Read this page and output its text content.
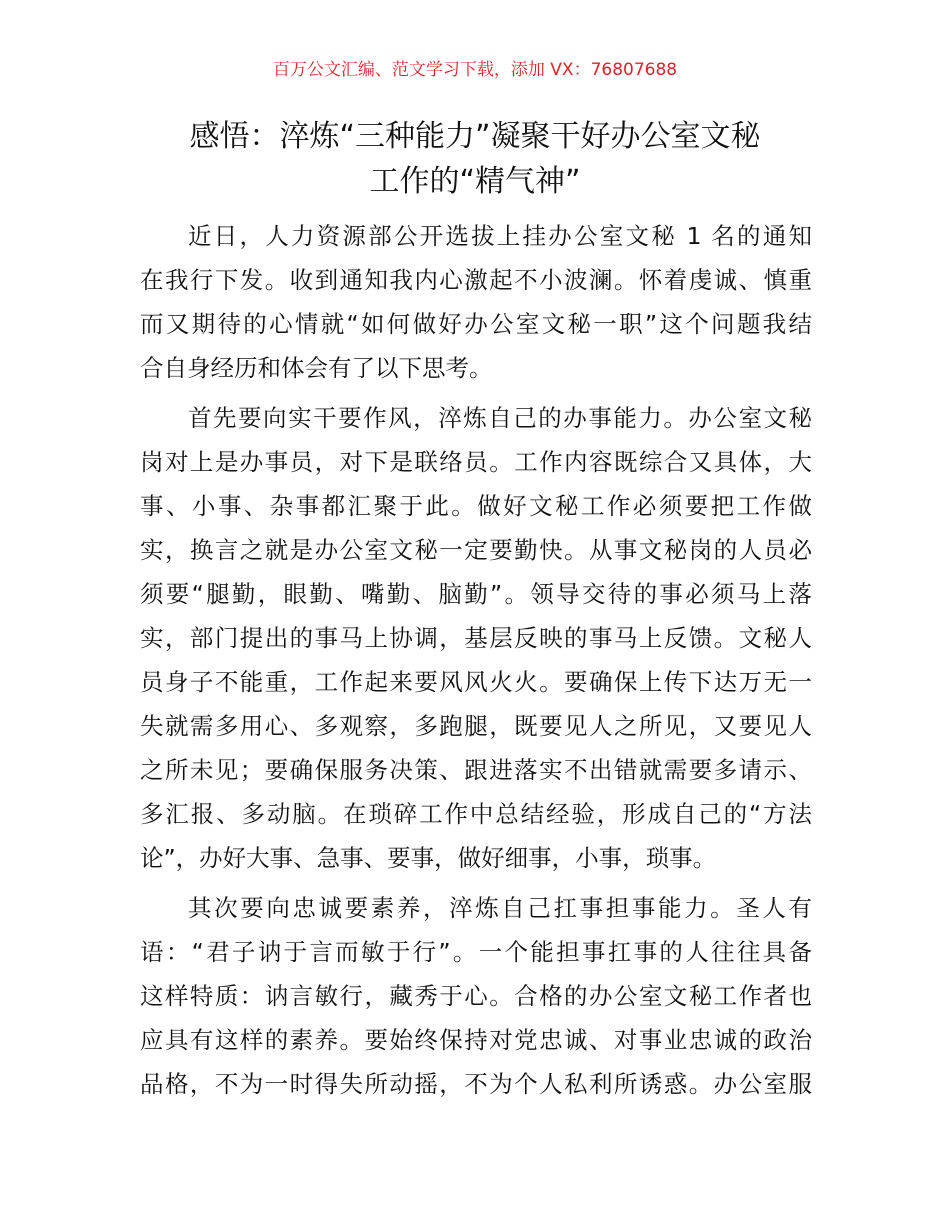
百万公文汇编、范文学习下载，添加 VX：76807688
感悟：淬炼“三种能力”凝聚干好办公室文秘
工作的“精气神”
近日，人力资源部公开选拔上挂办公室文秘 1 名的通知
在我行下发。收到通知我内心激起不小波澜。怀着虔诚、慎重
而又期待的心情就“如何做好办公室文秘一职”这个问题我结
合自身经历和体会有了以下思考。
首先要向实干要作风，淬炼自己的办事能力。办公室文秘
岗对上是办事员，对下是联络员。工作内容既综合又具体，大
事、小事、杂事都汇聚于此。做好文秘工作必须要把工作做
实，换言之就是办公室文秘一定要勤快。从事文秘岗的人员必
须要“腿勤，眼勤、嘴勤、脑勤”。领导交待的事必须马上落
实，部门提出的事马上协调，基层反映的事马上反馈。文秘人
员身子不能重，工作起来要风风火火。要确保上传下达万无一
失就需多用心、多观察，多跑腿，既要见人之所见，又要见人
之所未见；要确保服务决策、跟进落实不出错就需要多请示、
多汇报、多动脑。在琐碎工作中总结经验，形成自己的“方法
论”，办好大事、急事、要事，做好细事，小事，琐事。
其次要向忠诚要素养，淬炼自己扛事担事能力。圣人有
语：“君子讷于言而敏于行”。一个能担事扛事的人往往具备
这样特质：讷言敏行，藏秀于心。合格的办公室文秘工作者也
应具有这样的素养。要始终保持对党忠诚、对事业忠诚的政治
品格，不为一时得失所动摇，不为个人私利所诱惑。办公室服
